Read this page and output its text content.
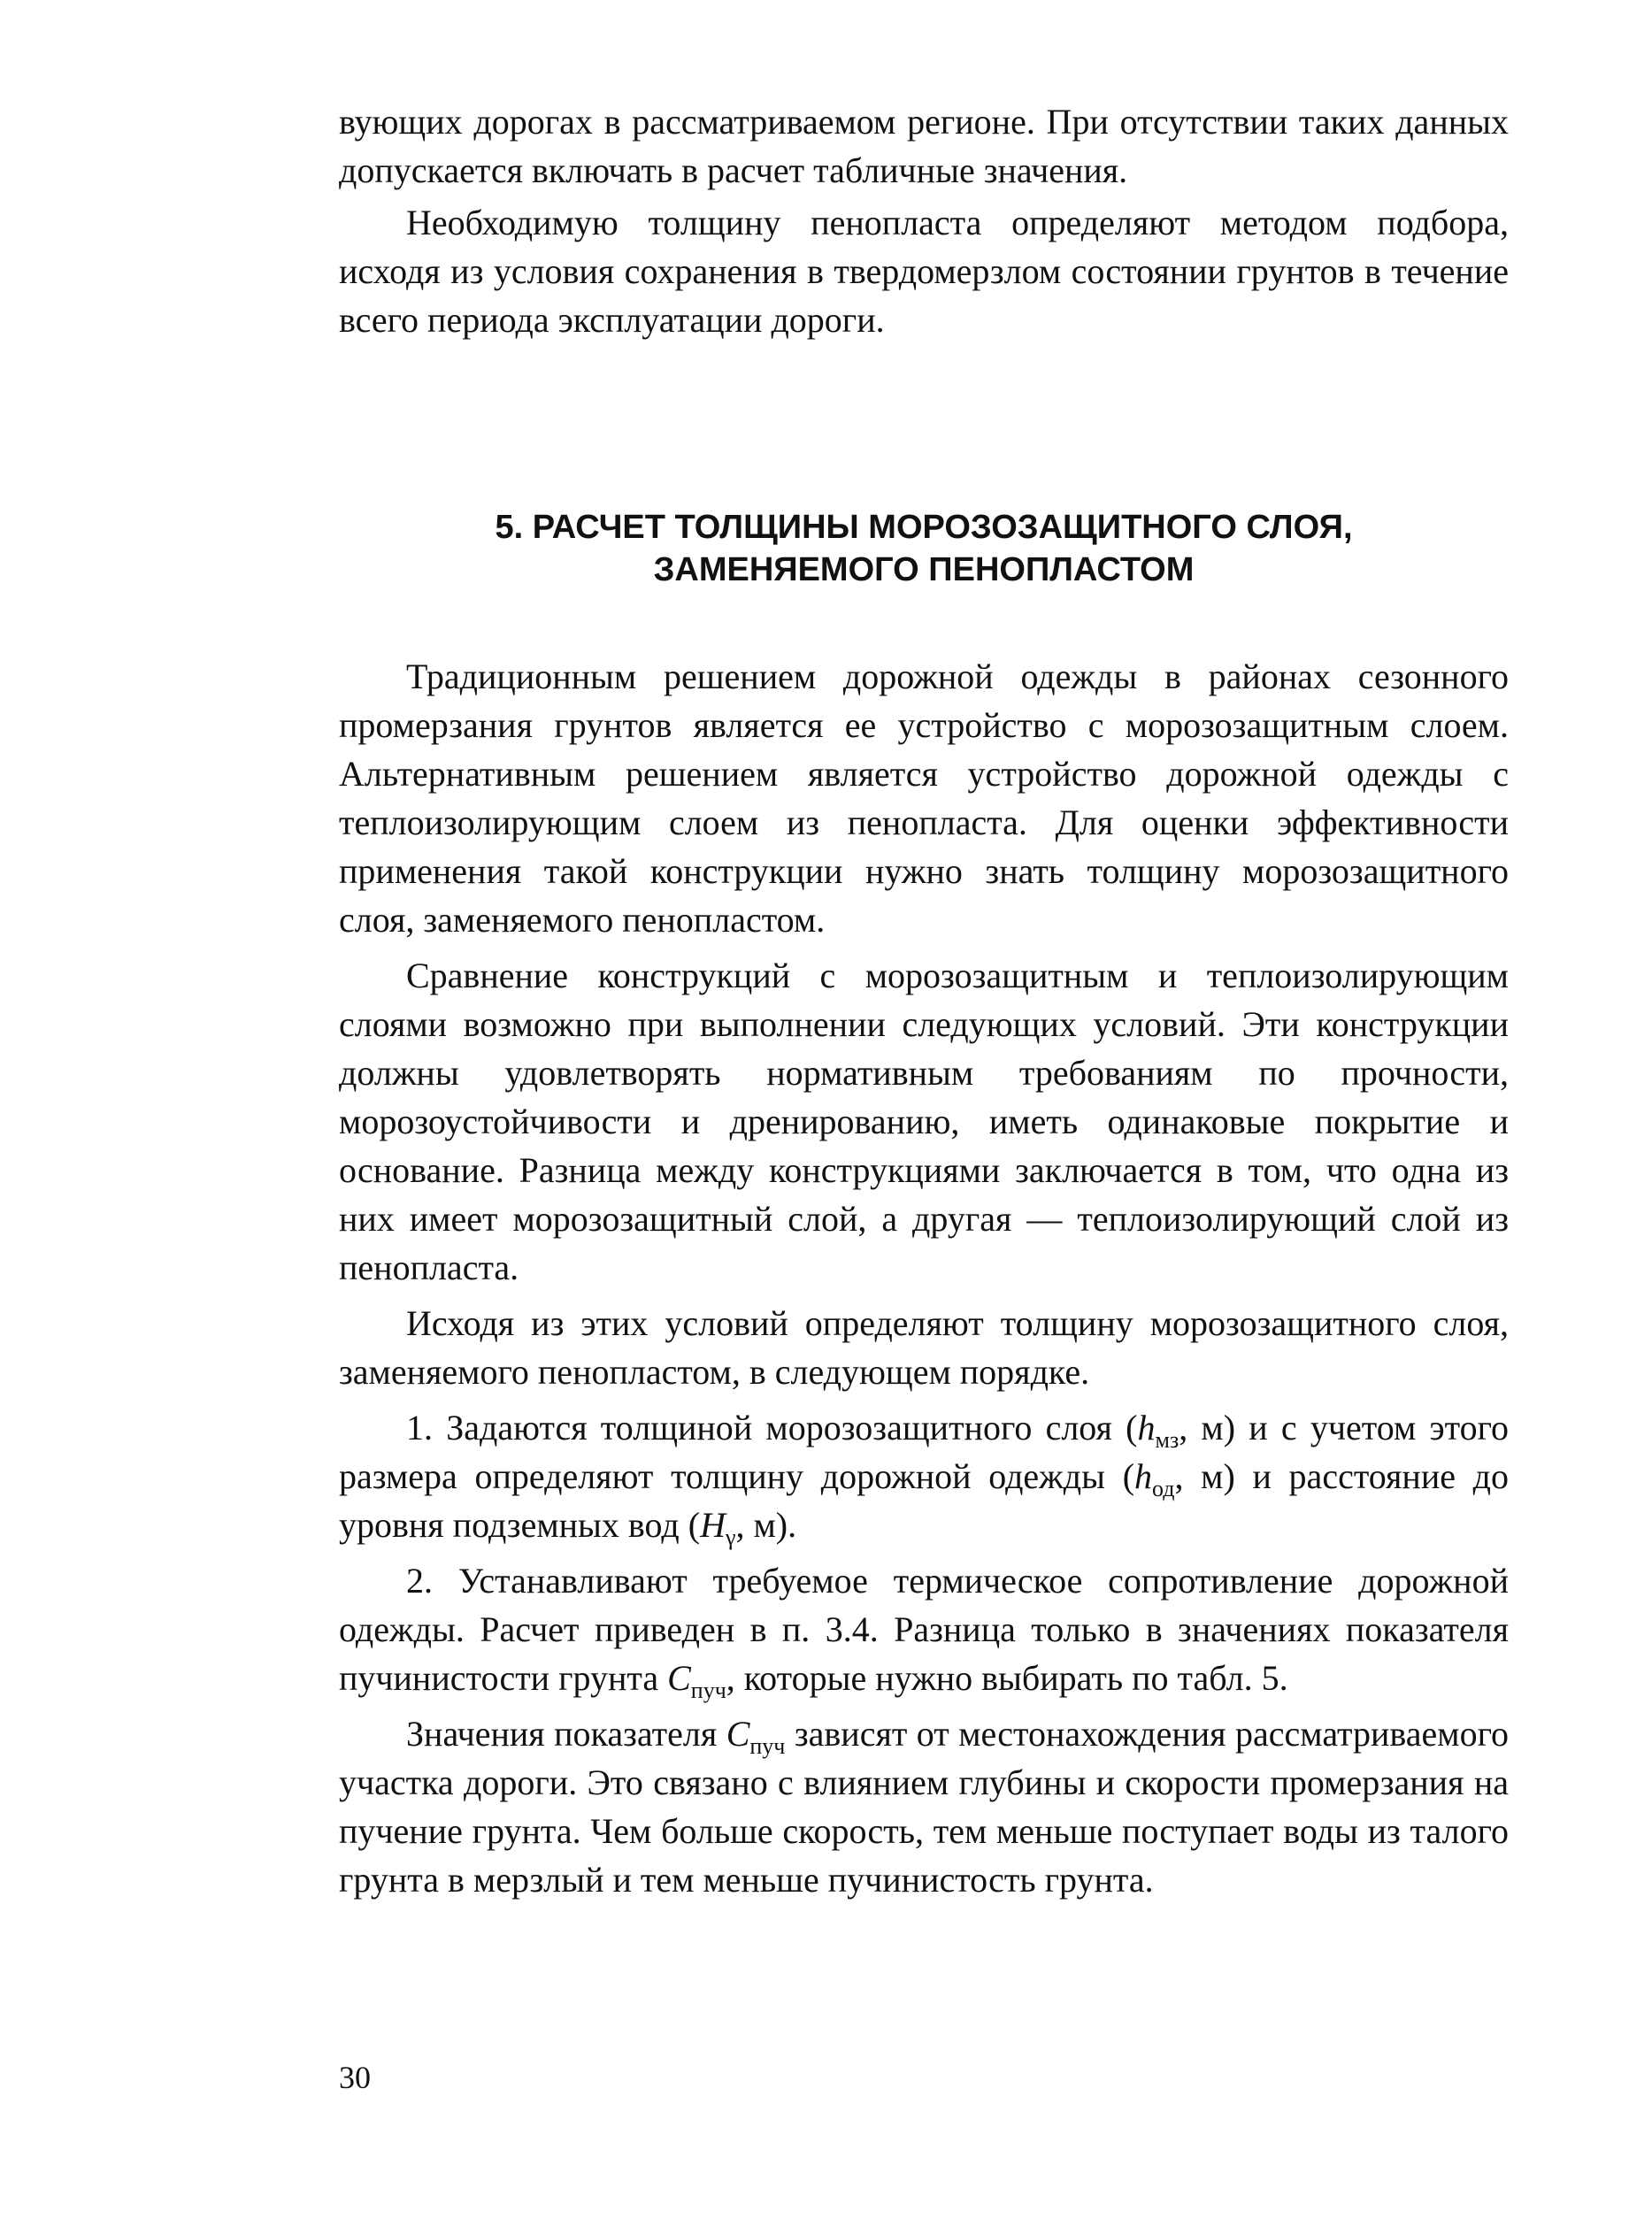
вующих дорогах в рассматриваемом регионе. При отсутствии таких данных допускается включать в расчет табличные значения.

Необходимую толщину пенопласта определяют методом подбора, исходя из условия сохранения в твердомерзлом состоянии грунтов в течение всего периода эксплуатации дороги.

5. РАСЧЕТ ТОЛЩИНЫ МОРОЗОЗАЩИТНОГО СЛОЯ,

ЗАМЕНЯЕМОГО ПЕНОПЛАСТОМ

Традиционным решением дорожной одежды в районах сезонного промерзания грунтов является ее устройство с морозозащитным слоем. Альтернативным решением является устройство дорожной одежды с теплоизолирующим слоем из пенопласта. Для оценки эффективности применения такой конструкции нужно знать толщину морозозащитного слоя, заменяемого пенопластом.

Сравнение конструкций с морозозащитным и теплоизолирующим слоями возможно при выполнении следующих условий. Эти конструкции должны удовлетворять нормативным требованиям по прочности, морозоустойчивости и дренированию, иметь одинаковые покрытие и основание. Разница между конструкциями заключается в том, что одна из них имеет морозозащитный слой, а другая — теплоизолирующий слой из пенопласта.

Исходя из этих условий определяют толщину морозозащитного слоя, заменяемого пенопластом, в следующем порядке.

1. Задаются толщиной морозозащитного слоя ($h_{мз}$, м) и с учетом этого размера определяют толщину дорожной одежды ($h_{од}$, м) и расстояние до уровня подземных вод ($H_\gamma$, м).

2. Устанавливают требуемое термическое сопротивление дорожной одежды. Расчет приведен в п. 3.4. Разница только в значениях показателя пучинистости грунта $C_{пуч}$, которые нужно выбирать по табл. 5.

Значения показателя $C_{пуч}$ зависят от местонахождения рассматриваемого участка дороги. Это связано с влиянием глубины и скорости промерзания на пучение грунта. Чем больше скорость, тем меньше поступает воды из талого грунта в мерзлый и тем меньше пучинистость грунта.

30
